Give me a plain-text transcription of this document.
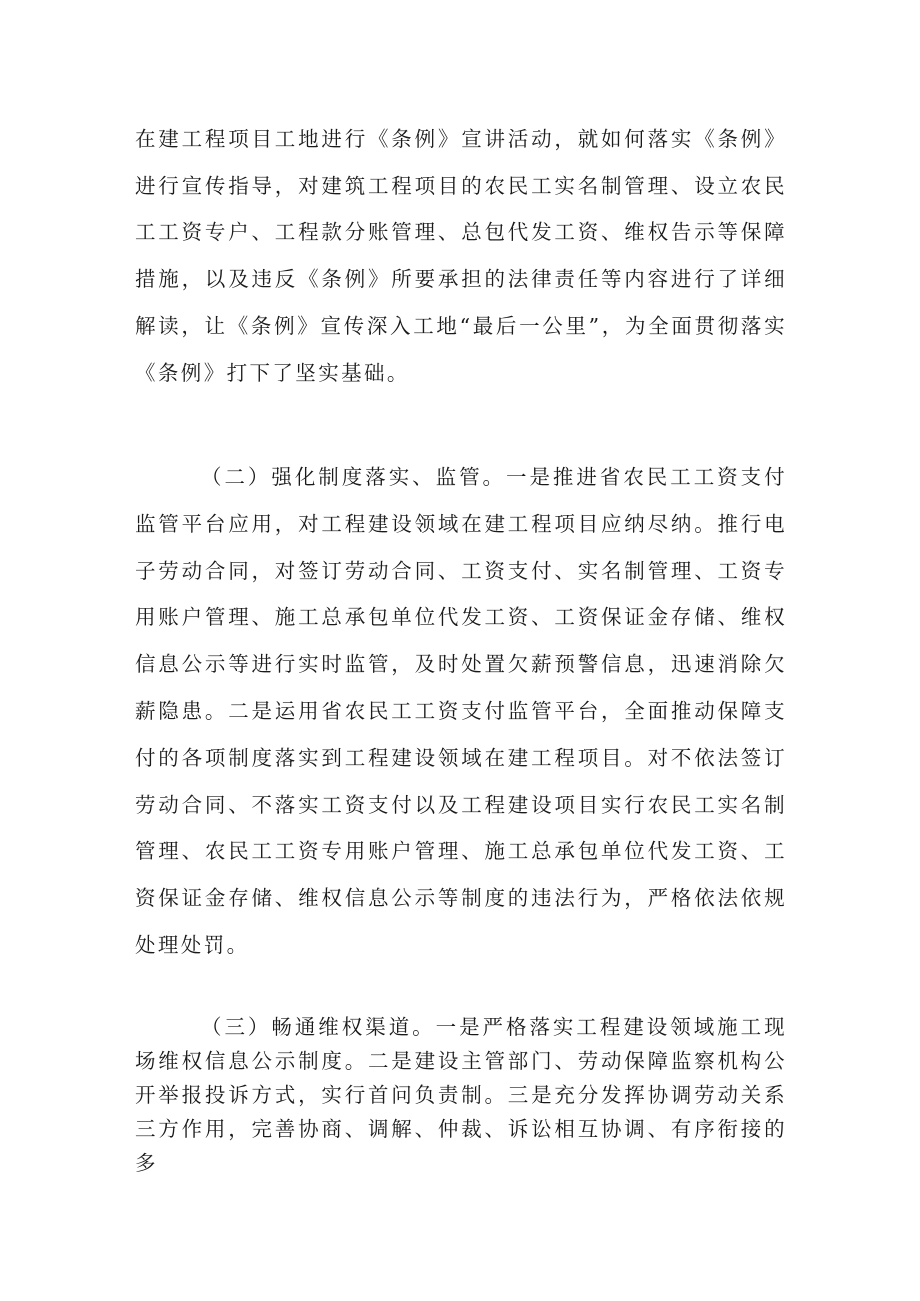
在建工程项目工地进行《条例》宣讲活动，就如何落实《条例》进行宣传指导，对建筑工程项目的农民工实名制管理、设立农民工工资专户、工程款分账管理、总包代发工资、维权告示等保障措施，以及违反《条例》所要承担的法律责任等内容进行了详细解读，让《条例》宣传深入工地“最后一公里”，为全面贯彻落实《条例》打下了坚实基础。

（二）强化制度落实、监管。一是推进省农民工工资支付监管平台应用，对工程建设领域在建工程项目应纳尽纳。推行电子劳动合同，对签订劳动合同、工资支付、实名制管理、工资专用账户管理、施工总承包单位代发工资、工资保证金存储、维权信息公示等进行实时监管，及时处置欠薪预警信息，迅速消除欠薪隐患。二是运用省农民工工资支付监管平台，全面推动保障支付的各项制度落实到工程建设领域在建工程项目。对不依法签订劳动合同、不落实工资支付以及工程建设项目实行农民工实名制管理、农民工工资专用账户管理、施工总承包单位代发工资、工资保证金存储、维权信息公示等制度的违法行为，严格依法依规处理处罚。

（三）畅通维权渠道。一是严格落实工程建设领域施工现场维权信息公示制度。二是建设主管部门、劳动保障监察机构公开举报投诉方式，实行首问负责制。三是充分发挥协调劳动关系三方作用，完善协商、调解、仲裁、诉讼相互协调、有序衔接的多
